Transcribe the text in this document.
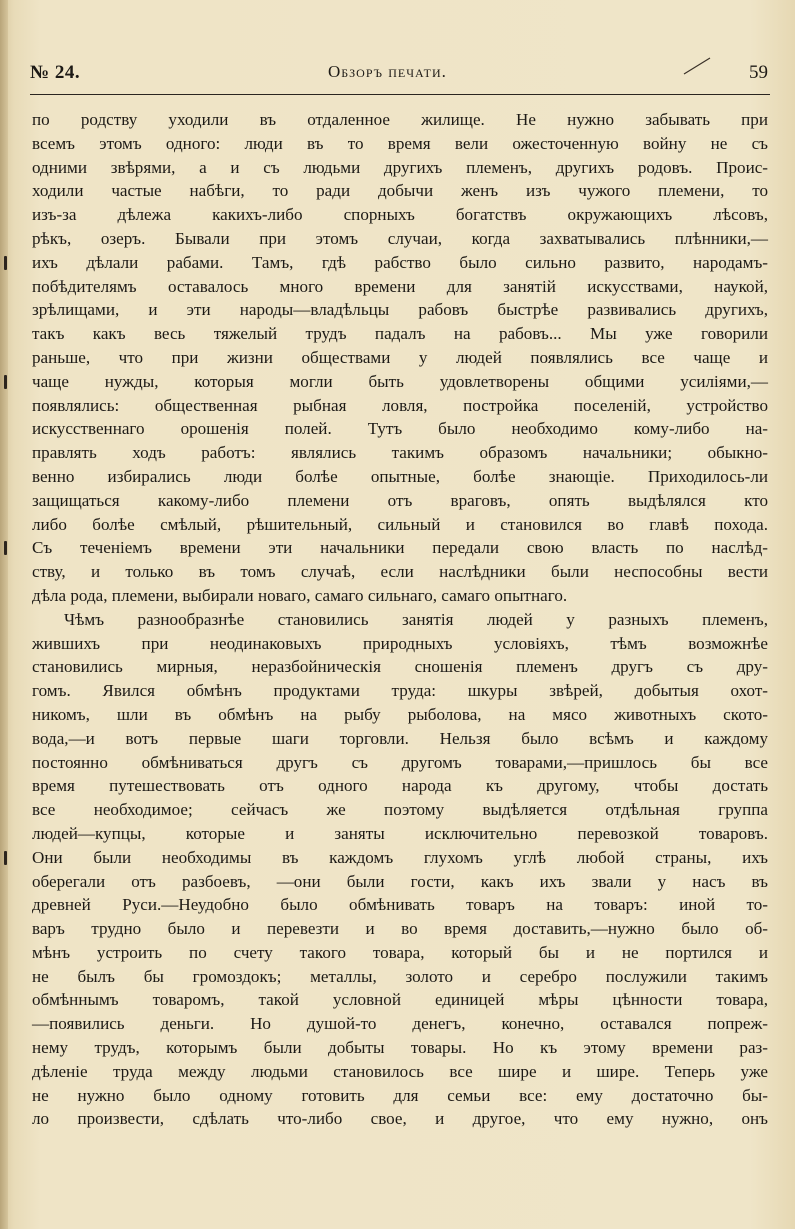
№ 24.	Обзоръ печати.	59
по родству уходили въ отдаленное жилище. Не нужно забывать при
всемъ этомъ одного: люди въ то время вели ожесточенную войну не съ
одними звѣрями, а и съ людьми другихъ племенъ, другихъ родовъ. Проис-
ходили частые набѣги, то ради добычи женъ изъ чужого племени, то
изъ-за дѣлежа какихъ-либо спорныхъ богатствъ окружающихъ лѣсовъ,
рѣкъ, озеръ. Бывали при этомъ случаи, когда захватывались плѣнники,—
ихъ дѣлали рабами. Тамъ, гдѣ рабство было сильно развито, народамъ-
побѣдителямъ оставалось много времени для занятій искусствами, наукой,
зрѣлищами, и эти народы—владѣльцы рабовъ быстрѣе развивались другихъ,
такъ какъ весь тяжелый трудъ падалъ на рабовъ... Мы уже говорили
раньше, что при жизни обществами у людей появлялись все чаще и
чаще нужды, которыя могли быть удовлетворены общими усиліями,—
появлялись: общественная рыбная ловля, постройка поселеній, устройство
искусственнаго орошенія полей. Тутъ было необходимо кому-либо на-
правлять ходъ работъ: являлись такимъ образомъ начальники; обыкно-
венно избирались люди болѣе опытные, болѣе знающіе. Приходилось-ли
защищаться какому-либо племени отъ враговъ, опять выдѣлялся кто
либо болѣе смѣлый, рѣшительный, сильный и становился во главѣ похода.
Съ теченіемъ времени эти начальники передали свою власть по наслѣд-
ству, и только въ томъ случаѣ, если наслѣдники были неспособны вести
дѣла рода, племени, выбирали новаго, самаго сильнаго, самаго опытнаго.
Чѣмъ разнообразнѣе становились занятія людей у разныхъ племенъ,
жившихъ при неодинаковыхъ природныхъ условіяхъ, тѣмъ возможнѣе
становились мирныя, неразбойническія сношенія племенъ другъ съ дру-
гомъ. Явился обмѣнъ продуктами труда: шкуры звѣрей, добытыя охот-
никомъ, шли въ обмѣнъ на рыбу рыболова, на мясо животныхъ ското-
вода,—и вотъ первые шаги торговли. Нельзя было всѣмъ и каждому
постоянно обмѣниваться другъ съ другомъ товарами,—пришлось бы все
время путешествовать отъ одного народа къ другому, чтобы достать
все необходимое; сейчасъ же поэтому выдѣляется отдѣльная группа
людей—купцы, которые и заняты исключительно перевозкой товаровъ.
Они были необходимы въ каждомъ глухомъ углѣ любой страны, ихъ
оберегали отъ разбоевъ, —они были гости, какъ ихъ звали у насъ въ
древней Руси.—Неудобно было обмѣнивать товаръ на товаръ: иной то-
варъ трудно было и перевезти и во время доставить,—нужно было об-
мѣнъ устроить по счету такого товара, который бы и не портился и
не былъ бы громоздокъ; металлы, золото и серебро послужили такимъ
обмѣннымъ товаромъ, такой условной единицей мѣры цѣнности товара,
—появились деньги. Но душой-то денегъ, конечно, оставался попреж-
нему трудъ, которымъ были добыты товары. Но къ этому времени раз-
дѣленіе труда между людьми становилось все шире и шире. Теперь уже
не нужно было одному готовить для семьи все: ему достаточно бы-
ло произвести, сдѣлать что-либо свое, и другое, что ему нужно, онъ
